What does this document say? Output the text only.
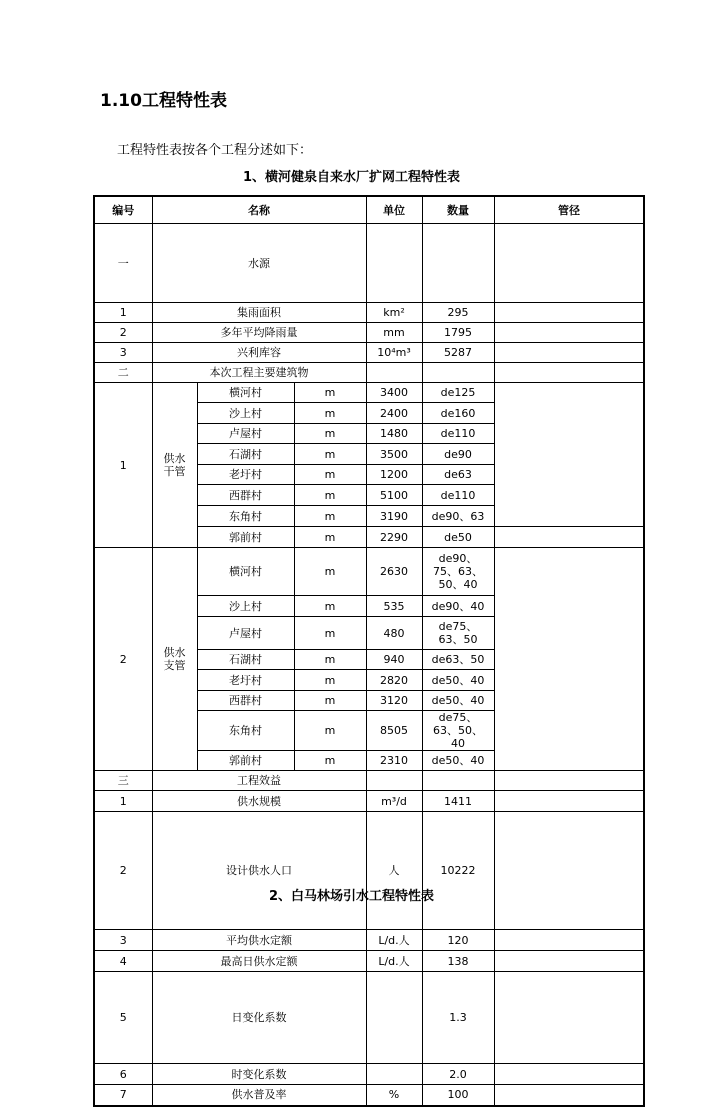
1.10工程特性表
工程特性表按各个工程分述如下：
1、横河健泉自来水厂扩网工程特性表
编号	名称			单位	数量	管径	
一	水源				
1	集雨面积			km²	295		
2	多年平均降雨量			mm	1795		
3	兴利库容			10⁴m³	5287		
二	本次工程主要建筑物						
1	供水干管	横河村	m	3400	de125		
		沙上村	m	2400	de160		
		卢屋村	m	1480	de110		
		石湖村	m	3500	de90		
		老圩村	m	1200	de63		
		西群村	m	5100	de110		
		东角村	m	3190	de90、63		
		郭前村	m	2290	de50		
2	供水支管	横河村	m	2630	de90、75、63、50、40		
		沙上村	m	535	de90、40		
		卢屋村	m	480	de75、63、50		
		石湖村	m	940	de63、50		
		老圩村	m	2820	de50、40		
		西群村	m	3120	de50、40		
		东角村	m	8505	de75、63、50、40		
		郭前村	m	2310	de50、40		
三	工程效益						
1	供水规模			m³/d	1411		
2	设计供水人口			人	10222		
3	平均供水定额			L/d.人	120		
4	最高日供水定额			L/d.人	138		
5	日变化系数				1.3		
6	时变化系数				2.0		
7	供水普及率			%	100		
2、白马林场引水工程特性表
